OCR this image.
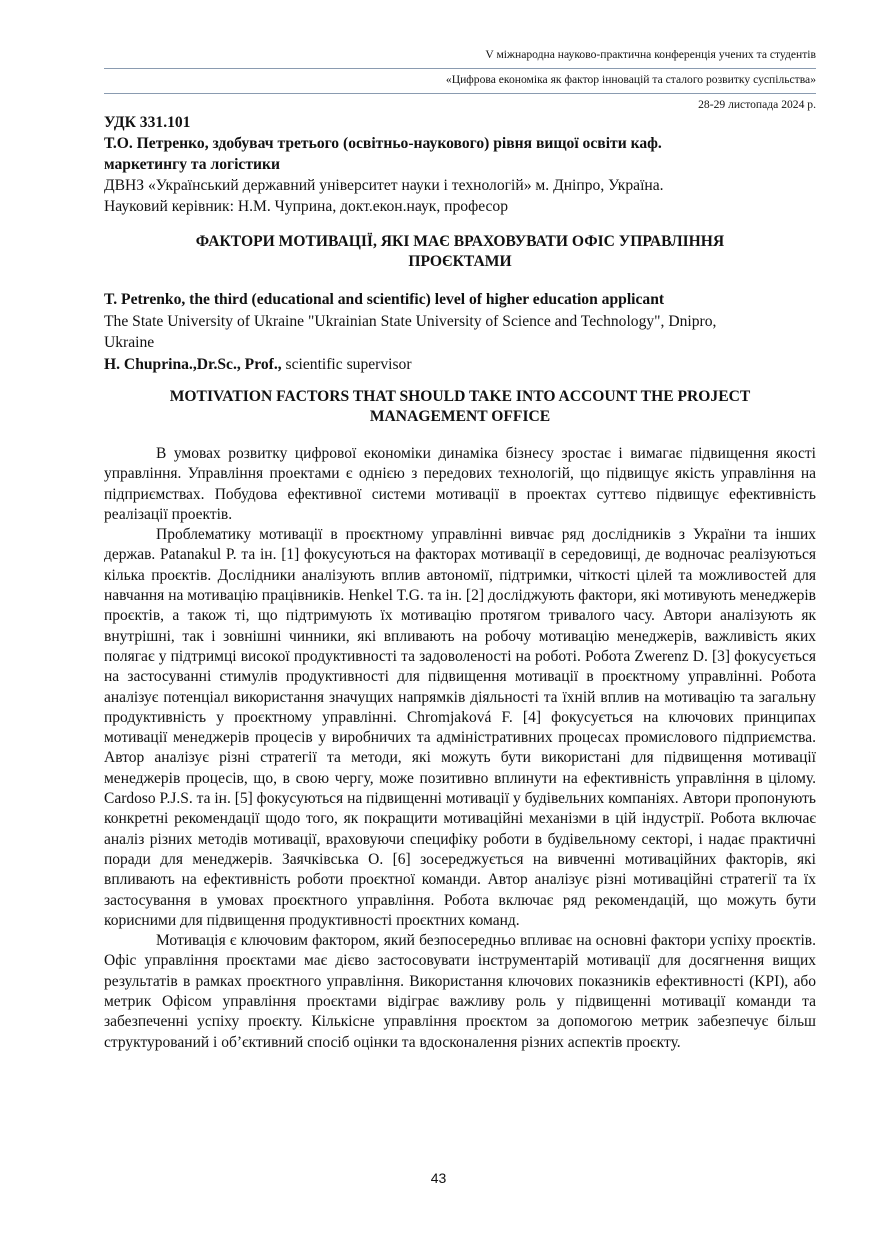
V міжнародна науково-практична конференція учених та студентів
«Цифрова економіка як фактор інновацій та сталого розвитку суспільства»
28-29 листопада 2024 р.
УДК 331.101
Т.О. Петренко, здобувач третього (освітньо-наукового) рівня вищої освіти каф.
маркетингу та логістики
ДВНЗ «Український державний університет науки і технологій» м. Дніпро, Україна.
Науковий керівник: Н.М. Чуприна, докт.екон.наук, професор
ФАКТОРИ МОТИВАЦІЇ, ЯКІ МАЄ ВРАХОВУВАТИ ОФІС УПРАВЛІННЯ
ПРОЄКТАМИ
T. Petrenko, the third (educational and scientific) level of higher education applicant
The State University of Ukraine "Ukrainian State University of Science and Technology", Dnipro,
Ukraine
H. Chuprina.,Dr.Sc., Prof., scientific supervisor
MOTIVATION FACTORS THAT SHOULD TAKE INTO ACCOUNT THE PROJECT
MANAGEMENT OFFICE

В умовах розвитку цифрової економіки динаміка бізнесу зростає і вимагає підвищення якості управління. Управління проектами є однією з передових технологій, що підвищує якість управління на підприємствах. Побудова ефективної системи мотивації в проектах суттєво підвищує ефективність реалізації проектів.

Проблематику мотивації в проєктному управлінні вивчає ряд дослідників з України та інших держав. Patanakul P. та ін. [1] фокусуються на факторах мотивації в середовищі, де водночас реалізуються кілька проєктів. Дослідники аналізують вплив автономії, підтримки, чіткості цілей та можливостей для навчання на мотивацію працівників. Henkel T.G. та ін. [2] досліджують фактори, які мотивують менеджерів проєктів, а також ті, що підтримують їх мотивацію протягом тривалого часу. Автори аналізують як внутрішні, так і зовнішні чинники, які впливають на робочу мотивацію менеджерів, важливість яких полягає у підтримці високої продуктивності та задоволеності на роботі. Робота Zwerenz D. [3] фокусується на застосуванні стимулів продуктивності для підвищення мотивації в проєктному управлінні. Робота аналізує потенціал використання значущих напрямків діяльності та їхній вплив на мотивацію та загальну продуктивність у проєктному управлінні. Chromjaková F. [4] фокусується на ключових принципах мотивації менеджерів процесів у виробничих та адміністративних процесах промислового підприємства. Автор аналізує різні стратегії та методи, які можуть бути використані для підвищення мотивації менеджерів процесів, що, в свою чергу, може позитивно вплинути на ефективність управління в цілому. Cardoso P.J.S. та ін. [5] фокусуються на підвищенні мотивації у будівельних компаніях. Автори пропонують конкретні рекомендації щодо того, як покращити мотиваційні механізми в цій індустрії. Робота включає аналіз різних методів мотивації, враховуючи специфіку роботи в будівельному секторі, і надає практичні поради для менеджерів. Заячківська О. [6] зосереджується на вивченні мотиваційних факторів, які впливають на ефективність роботи проєктної команди. Автор аналізує різні мотиваційні стратегії та їх застосування в умовах проєктного управління. Робота включає ряд рекомендацій, що можуть бути корисними для підвищення продуктивності проєктних команд.

Мотивація є ключовим фактором, який безпосередньо впливає на основні фактори успіху проєктів. Офіс управління проєктами має дієво застосовувати інструментарій мотивації для досягнення вищих результатів в рамках проєктного управління. Використання ключових показників ефективності (KPI), або метрик Офісом управління проєктами відіграє важливу роль у підвищенні мотивації команди та забезпеченні успіху проєкту. Кількісне управління проєктом за допомогою метрик забезпечує більш структурований і об’єктивний спосіб оцінки та вдосконалення різних аспектів проєкту.

43
